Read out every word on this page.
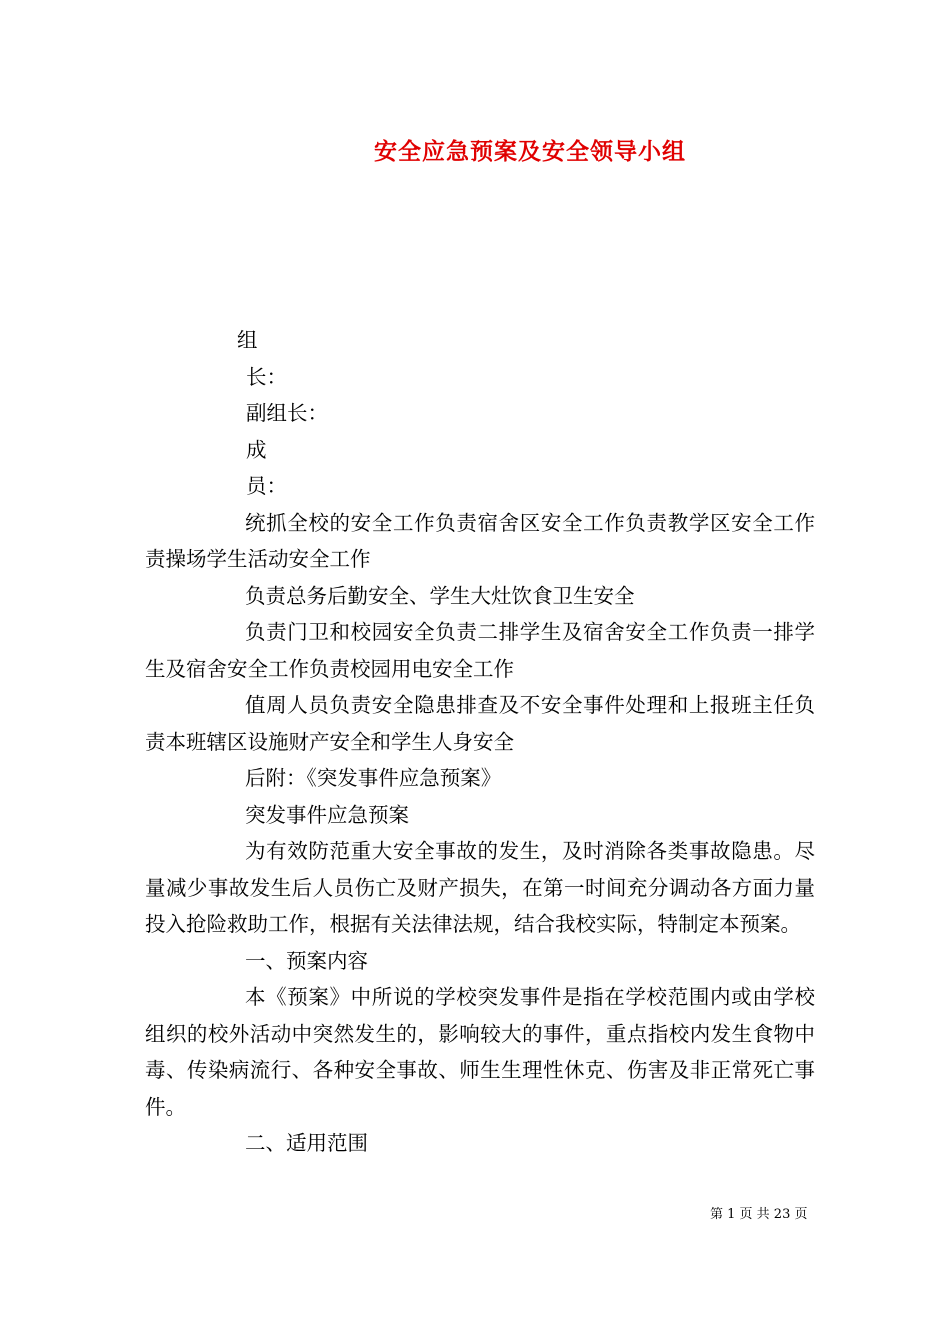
安全应急预案及安全领导小组

组

长：

副组长：

成

员：

统抓全校的安全工作负责宿舍区安全工作负责教学区安全工作责操场学生活动安全工作

负责总务后勤安全、学生大灶饮食卫生安全

负责门卫和校园安全负责二排学生及宿舍安全工作负责一排学生及宿舍安全工作负责校园用电安全工作

值周人员负责安全隐患排查及不安全事件处理和上报班主任负责本班辖区设施财产安全和学生人身安全

后附：《突发事件应急预案》

突发事件应急预案

为有效防范重大安全事故的发生，及时消除各类事故隐患。尽量减少事故发生后人员伤亡及财产损失，在第一时间充分调动各方面力量投入抢险救助工作，根据有关法律法规，结合我校实际，特制定本预案。

一、预案内容

本《预案》中所说的学校突发事件是指在学校范围内或由学校组织的校外活动中突然发生的，影响较大的事件，重点指校内发生食物中毒、传染病流行、各种安全事故、师生生理性休克、伤害及非正常死亡事件。

二、适用范围

第 1 页 共 23 页
